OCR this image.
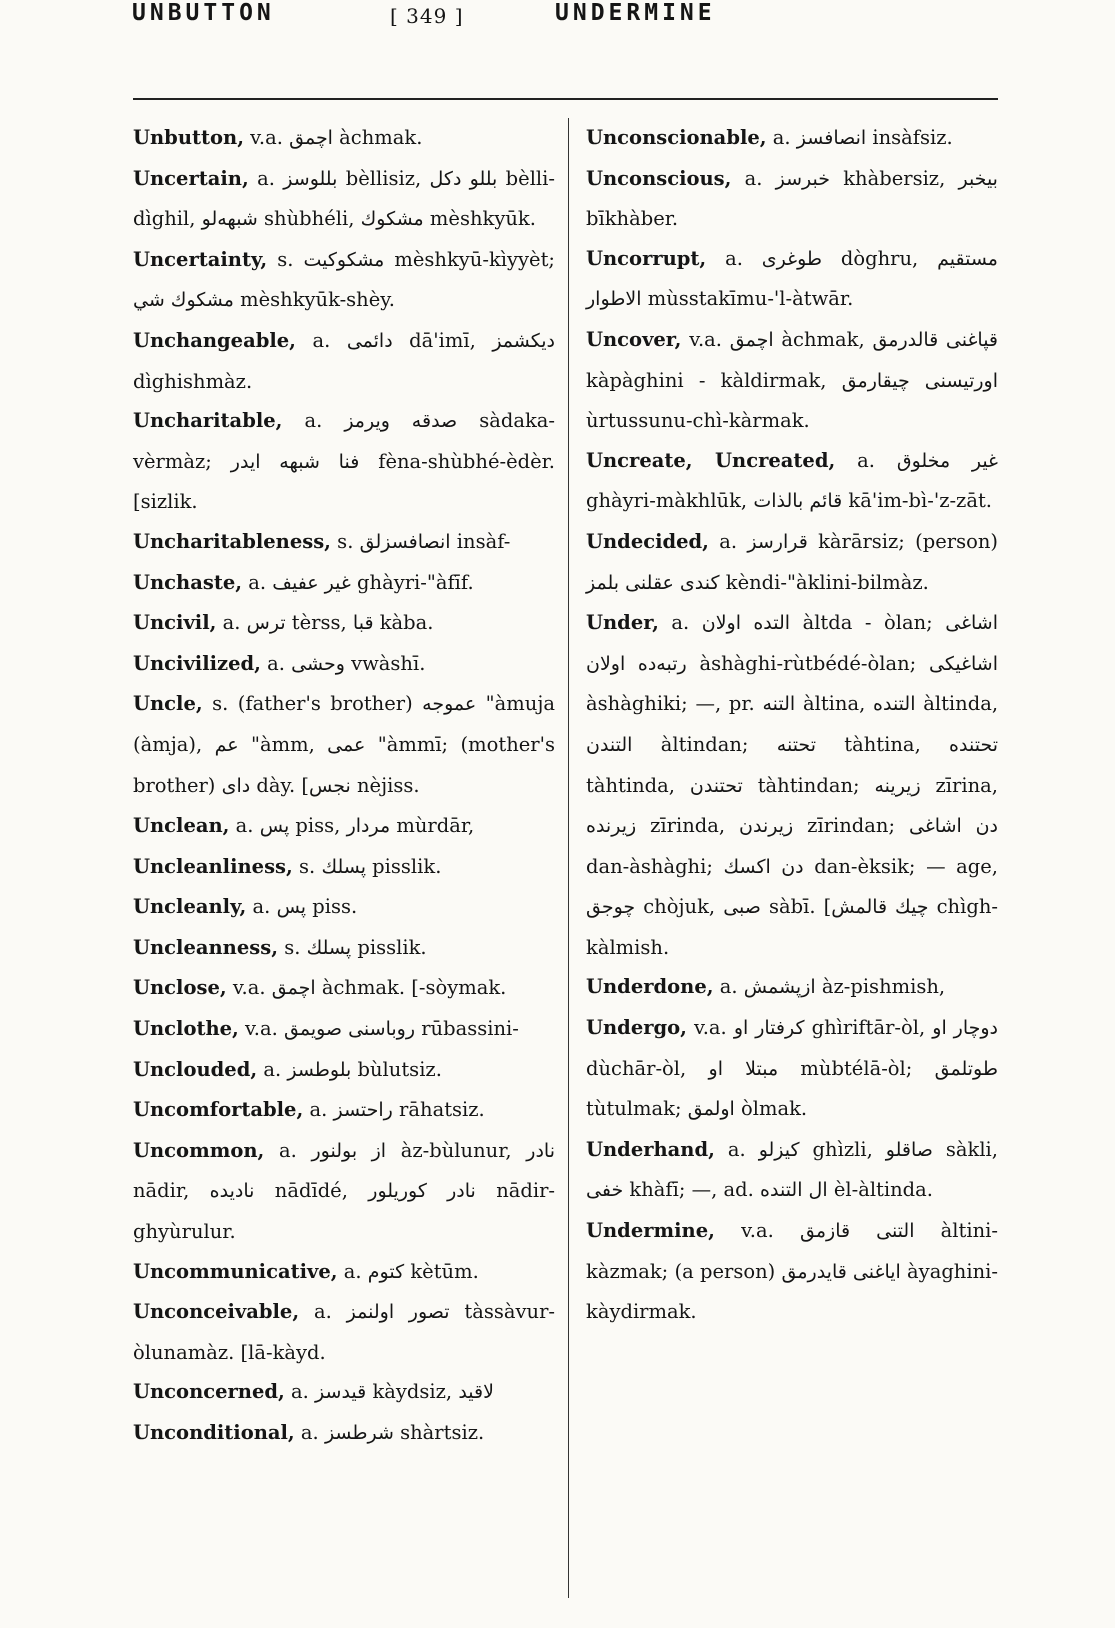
UNBUTTON	[ 349 ]	UNDERMINE
Unbutton, v.a. اچمق àchmak.
Uncertain, a. بللوسز bèllisiz, بللو دكل bèlli-dìghil, شبهه‌لو shùbhéli, مشكوك mèshkyūk.
Uncertainty, s. مشكوكيت mèshkyū-kìyyèt; مشكوك شي mèshkyūk-shèy.
Unchangeable, a. دائمى dā'imī, ديكشمز dìghishmàz.
Uncharitable, a. صدقه ويرمز sàdaka-vèrmàz; فنا شبهه ايدر fèna-shùbhé-èdèr. [sizlik.
Uncharitableness, s. انصافسزلق insàf-
Unchaste, a. غير عفيف ghàyri-"àfīf.
Uncivil, a. ترس tèrss, قبا kàba.
Uncivilized, a. وحشى vwàshī.
Uncle, s. (father's brother) عموجه "àmuja (àmja), عم "àmm, عمى "àmmī; (mother's brother) داى dày. [نجس nèjiss.
Unclean, a. پس piss, مردار mùrdār,
Uncleanliness, s. پسلك pisslik.
Uncleanly, a. پس piss.
Uncleanness, s. پسلك pisslik.
Unclose, v.a. اچمق àchmak. [-sòymak.
Unclothe, v.a. روباسنى صويمق rūbassini-
Unclouded, a. بلوطسز bùlutsiz.
Uncomfortable, a. راحتسز rāhatsiz.
Uncommon, a. از بولنور àz-bùlunur, نادر nādir, ناديده nādīdé, نادر كوريلور nādir-ghyùrulur.
Uncommunicative, a. كتوم kètūm.
Unconceivable, a. تصور اولنمز tàssàvur-òlunamàz. [lā-kàyd.
Unconcerned, a. قيدسز kàydsiz, لاقيد
Unconditional, a. شرطسز shàrtsiz.
Unconscionable, a. انصافسز insàfsiz.
Unconscious, a. خبرسز khàbersiz, بيخبر bīkhàber.
Uncorrupt, a. طوغرى dòghru, مستقيم الاطوار mùsstakīmu-'l-àtwār.
Uncover, v.a. اچمق àchmak, قپاغنى قالدرمق kàpàghini - kàldirmak, اورتيسنى چيقارمق ùrtussunu-chì-kàrmak.
Uncreate, Uncreated, a. غير مخلوق ghàyri-màkhlūk, قائم بالذات kā'im-bì-'z-zāt.
Undecided, a. قرارسز kàrārsiz; (person) كندى عقلنى بلمز kèndi-"àklini-bilmàz.
Under, a. التده اولان àltda - òlan; اشاغى رتبه‌ده اولان àshàghi-rùtbédé-òlan; اشاغيكى àshàghiki; —, pr. التنه àltina, التنده àltinda, التندن àltindan; تحتنه tàhtina, تحتنده tàhtinda, تحتندن tàhtindan; زيرينه zīrina, زيرنده zīrinda, زيرندن zīrindan; دن اشاغى dan-àshàghi; دن اكسك dan-èksik; — age, چوجق chòjuk, صبى sàbī. [چيك قالمش chìgh-kàlmish.
Underdone, a. ازپشمش àz-pishmish,
Undergo, v.a. كرفتار او ghìriftār-òl, دوچار او dùchār-òl, مبتلا او mùbtélā-òl; طوتلمق tùtulmak; اولمق òlmak.
Underhand, a. كيزلو ghìzli, صاقلو sàkli, خفى khàfī; —, ad. ال التنده èl-àltinda.
Undermine, v.a. التنى قازمق àltini-kàzmak; (a person) اياغنى قايدرمق àyaghini-kàydirmak.
